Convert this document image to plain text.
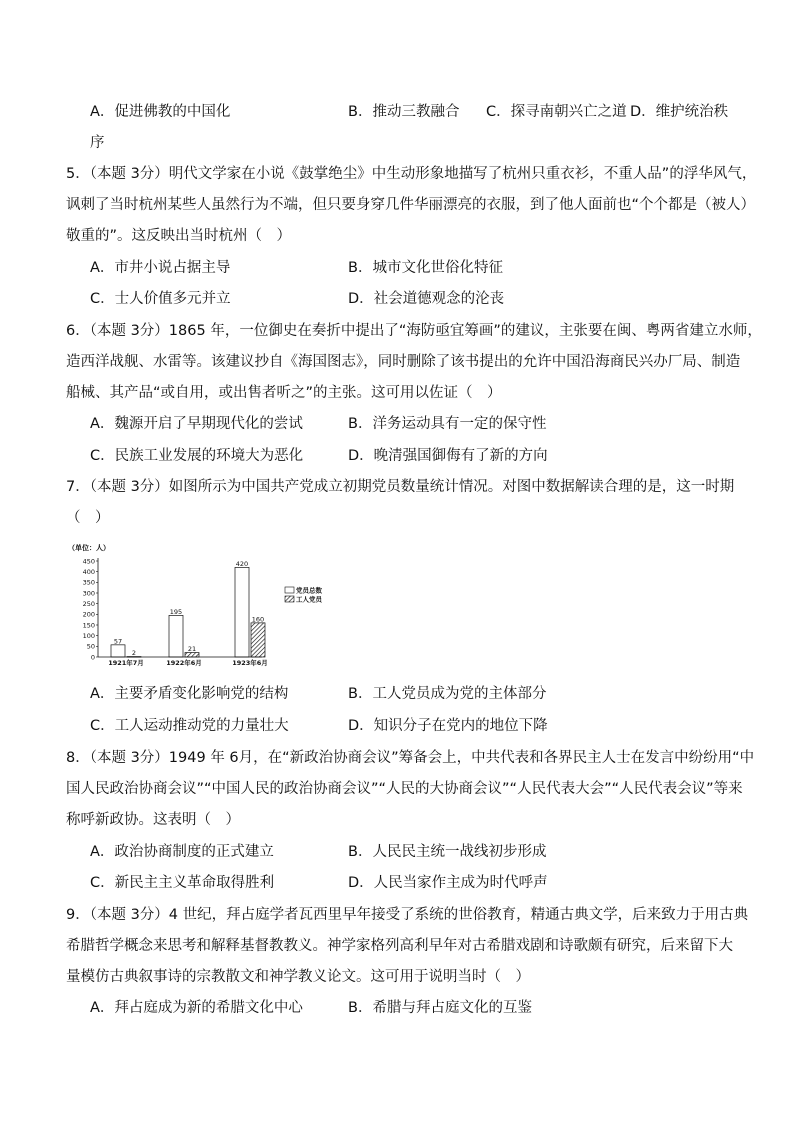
A．促进佛教的中国化	B．推动三教融合 C．探寻南朝兴亡之道 D．维护统治秩
序
5．（本题 3分）明代文学家在小说《鼓掌绝尘》中生动形象地描写了杭州只重衣衫，不重人品”的浮华风气，
讽刺了当时杭州某些人虽然行为不端，但只要身穿几件华丽漂亮的衣服，到了他人面前也“个个都是（被人）
敬重的”。这反映出当时杭州（　）
A．市井小说占据主导	B．城市文化世俗化特征
C．士人价值多元并立	D．社会道德观念的沦丧
6．（本题 3分）1865 年，一位御史在奏折中提出了“海防亟宜筹画”的建议，主张要在闽、粤两省建立水师，
造西洋战舰、水雷等。该建议抄自《海国图志》，同时删除了该书提出的允许中国沿海商民兴办厂局、制造
船械、其产品“或自用，或出售者听之”的主张。这可用以佐证（　）
A．魏源开启了早期现代化的尝试	B．洋务运动具有一定的保守性
C．民族工业发展的环境大为恶化	D．晚清强国御侮有了新的方向
7．（本题 3分）如图所示为中国共产党成立初期党员数量统计情况。对图中数据解读合理的是，这一时期
（　）
（单位：人）
0
50
100
150
200
250
300
350
400
450
57
2
195
21
420
160
1921年7月	1922年6月	1923年6月
党员总数
工人党员
A．主要矛盾变化影响党的结构	B．工人党员成为党的主体部分
C．工人运动推动党的力量壮大	D．知识分子在党内的地位下降
8．（本题 3分）1949 年 6月，在“新政治协商会议”筹备会上，中共代表和各界民主人士在发言中纷纷用“中
国人民政治协商会议”“中国人民的政治协商会议”“人民的大协商会议”“人民代表大会”“人民代表会议”等来
称呼新政协。这表明（　）
A．政治协商制度的正式建立	B．人民民主统一战线初步形成
C．新民主主义革命取得胜利	D．人民当家作主成为时代呼声
9．（本题 3分）4 世纪，拜占庭学者瓦西里早年接受了系统的世俗教育，精通古典文学，后来致力于用古典
希腊哲学概念来思考和解释基督教教义。神学家格列高利早年对古希腊戏剧和诗歌颇有研究，后来留下大
量模仿古典叙事诗的宗教散文和神学教义论文。这可用于说明当时（　）
A．拜占庭成为新的希腊文化中心	B．希腊与拜占庭文化的互鉴
